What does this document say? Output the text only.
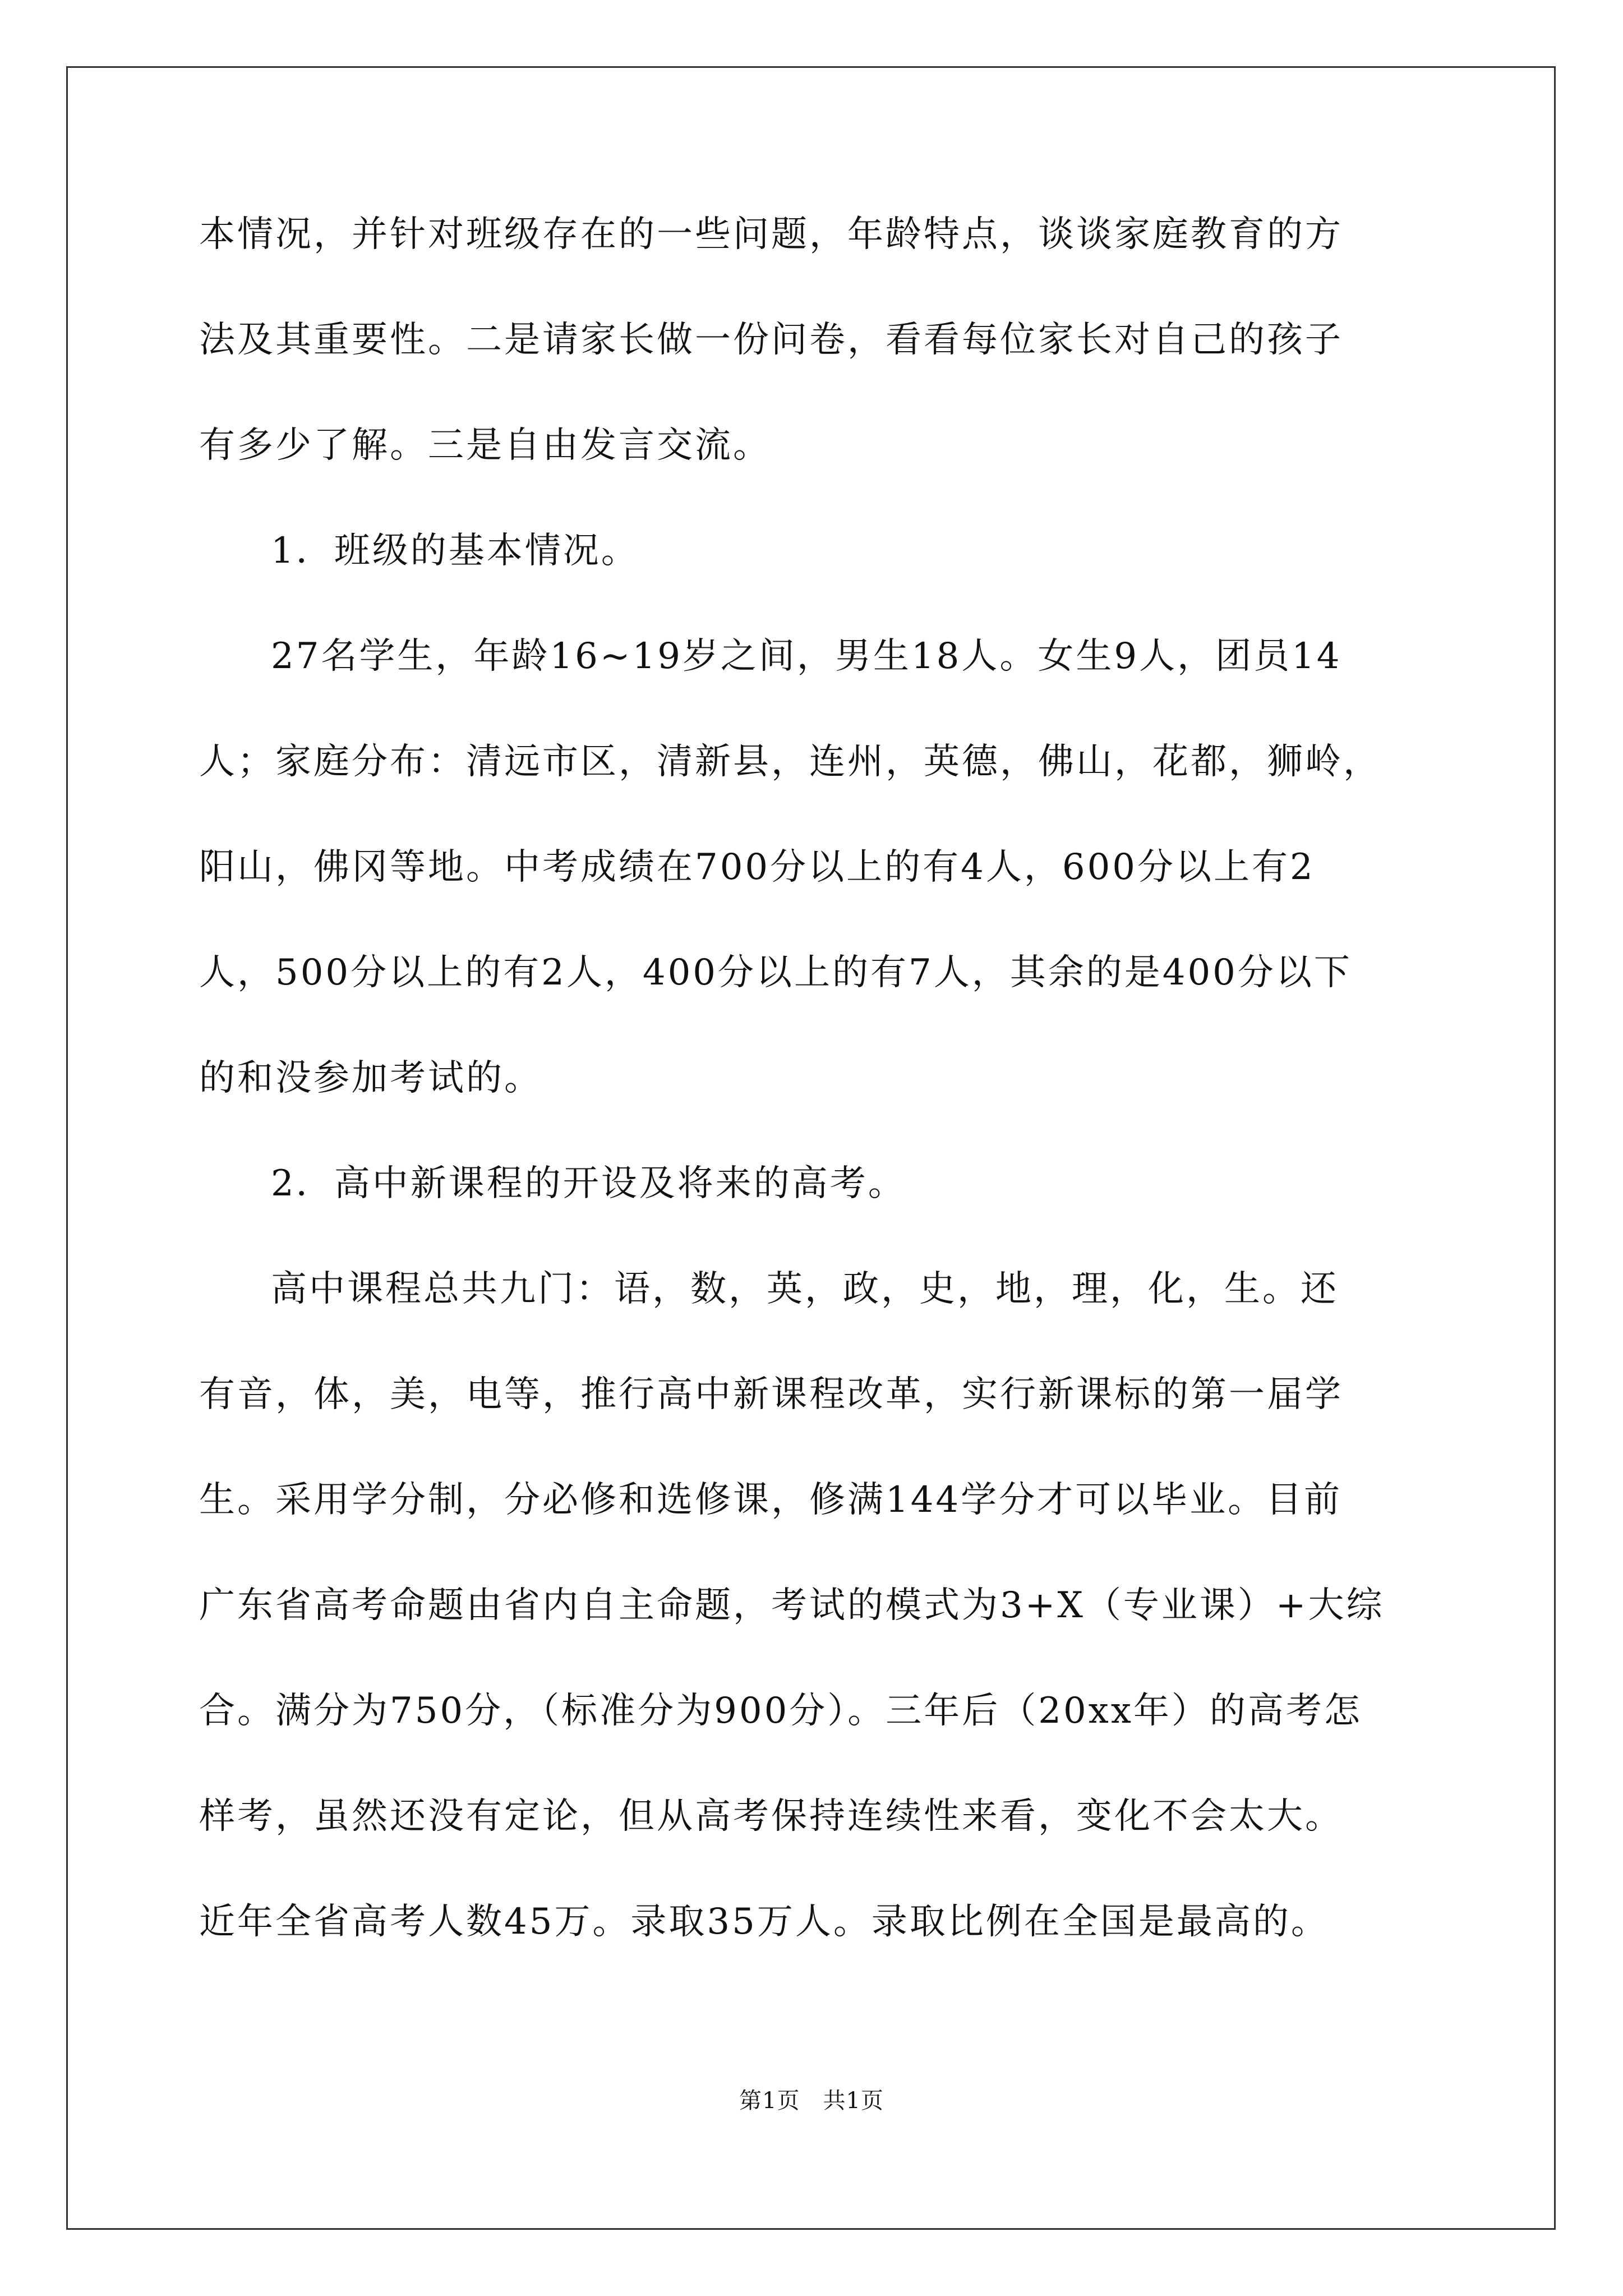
本情况，并针对班级存在的一些问题，年龄特点，谈谈家庭教育的方
法及其重要性。二是请家长做一份问卷，看看每位家长对自己的孩子
有多少了解。三是自由发言交流。
1．班级的基本情况。
27名学生，年龄16~19岁之间，男生18人。女生9人，团员14
人；家庭分布：清远市区，清新县，连州，英德，佛山，花都，狮岭，
阳山，佛冈等地。中考成绩在700分以上的有4人，600分以上有2
人，500分以上的有2人，400分以上的有7人，其余的是400分以下
的和没参加考试的。
2．高中新课程的开设及将来的高考。
高中课程总共九门：语，数，英，政，史，地，理，化，生。还
有音，体，美，电等，推行高中新课程改革，实行新课标的第一届学
生。采用学分制，分必修和选修课，修满144学分才可以毕业。目前
广东省高考命题由省内自主命题，考试的模式为3+X（专业课）+大综
合。满分为750分，（标准分为900分）。三年后（20xx年）的高考怎
样考，虽然还没有定论，但从高考保持连续性来看，变化不会太大。
近年全省高考人数45万。录取35万人。录取比例在全国是最高的。
第1页　共1页
